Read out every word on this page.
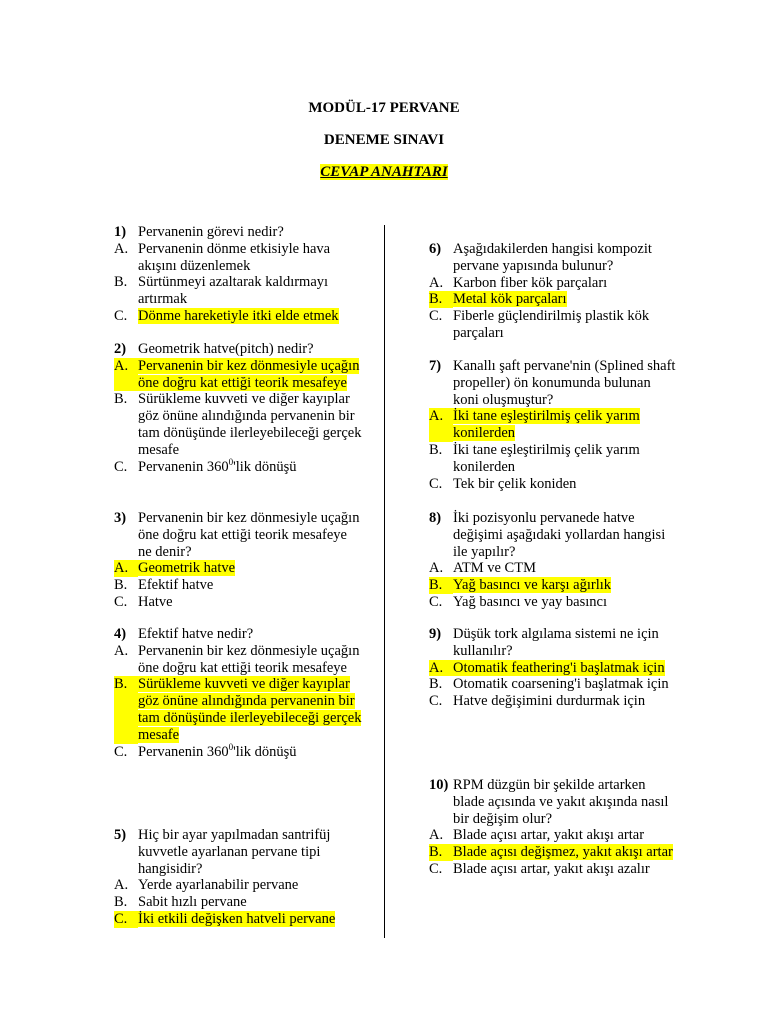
MODÜL-17 PERVANE
DENEME SINAVI
CEVAP ANAHTARI
1) Pervanenin görevi nedir?
A. Pervanenin dönme etkisiyle hava akışını düzenlemek
B. Sürtünmeyi azaltarak kaldırmayı artırmak
C. Dönme hareketiyle itki elde etmek
2) Geometrik hatve(pitch) nedir?
A. Pervanenin bir kez dönmesiyle uçağın öne doğru kat ettiği teorik mesafeye
B. Sürükleme kuvveti ve diğer kayıplar göz önüne alındığında pervanenin bir tam dönüşünde ilerleyebileceği gerçek mesafe
C. Pervanenin $360^0'lik$ dönüşü
3) Pervanenin bir kez dönmesiyle uçağın öne doğru kat ettiği teorik mesafeye ne denir?
A. Geometrik hatve
B. Efektif hatve
C. Hatve
4) Efektif hatve nedir?
A. Pervanenin bir kez dönmesiyle uçağın öne doğru kat ettiği teorik mesafeye
B. Sürükleme kuvveti ve diğer kayıplar göz önüne alındığında pervanenin bir tam dönüşünde ilerleyebileceği gerçek mesafe
C. Pervanenin $360^0'lik$ dönüşü
5) Hiç bir ayar yapılmadan santrifüj kuvvetle ayarlanan pervane tipi hangisidir?
A. Yerde ayarlanabilir pervane
B. Sabit hızlı pervane
C. İki etkili değişken hatveli pervane
6) Aşağıdakilerden hangisi kompozit pervane yapısında bulunur?
A. Karbon fiber kök parçaları
B. Metal kök parçaları
C. Fiberle güçlendirilmiş plastik kök parçaları
7) Kanallı şaft pervane'nin (Splined shaft propeller) ön konumunda bulunan koni oluşmuştur?
A. İki tane eşleştirilmiş çelik yarım konilerden
B. İki tane eşleştirilmiş çelik yarım konilerden
C. Tek bir çelik koniden
8) İki pozisyonlu pervanede hatve değişimi aşağıdaki yollardan hangisi ile yapılır?
A. ATM ve CTM
B. Yağ basıncı ve karşı ağırlık
C. Yağ basıncı ve yay basıncı
9) Düşük tork algılama sistemi ne için kullanılır?
A. Otomatik feathering'i başlatmak için
B. Otomatik coarsening'i başlatmak için
C. Hatve değişimini durdurmak için
10) RPM düzgün bir şekilde artarken blade açısında ve yakıt akışında nasıl bir değişim olur?
A. Blade açısı artar, yakıt akışı artar
B. Blade açısı değişmez, yakıt akışı artar
C. Blade açısı artar, yakıt akışı azalır
